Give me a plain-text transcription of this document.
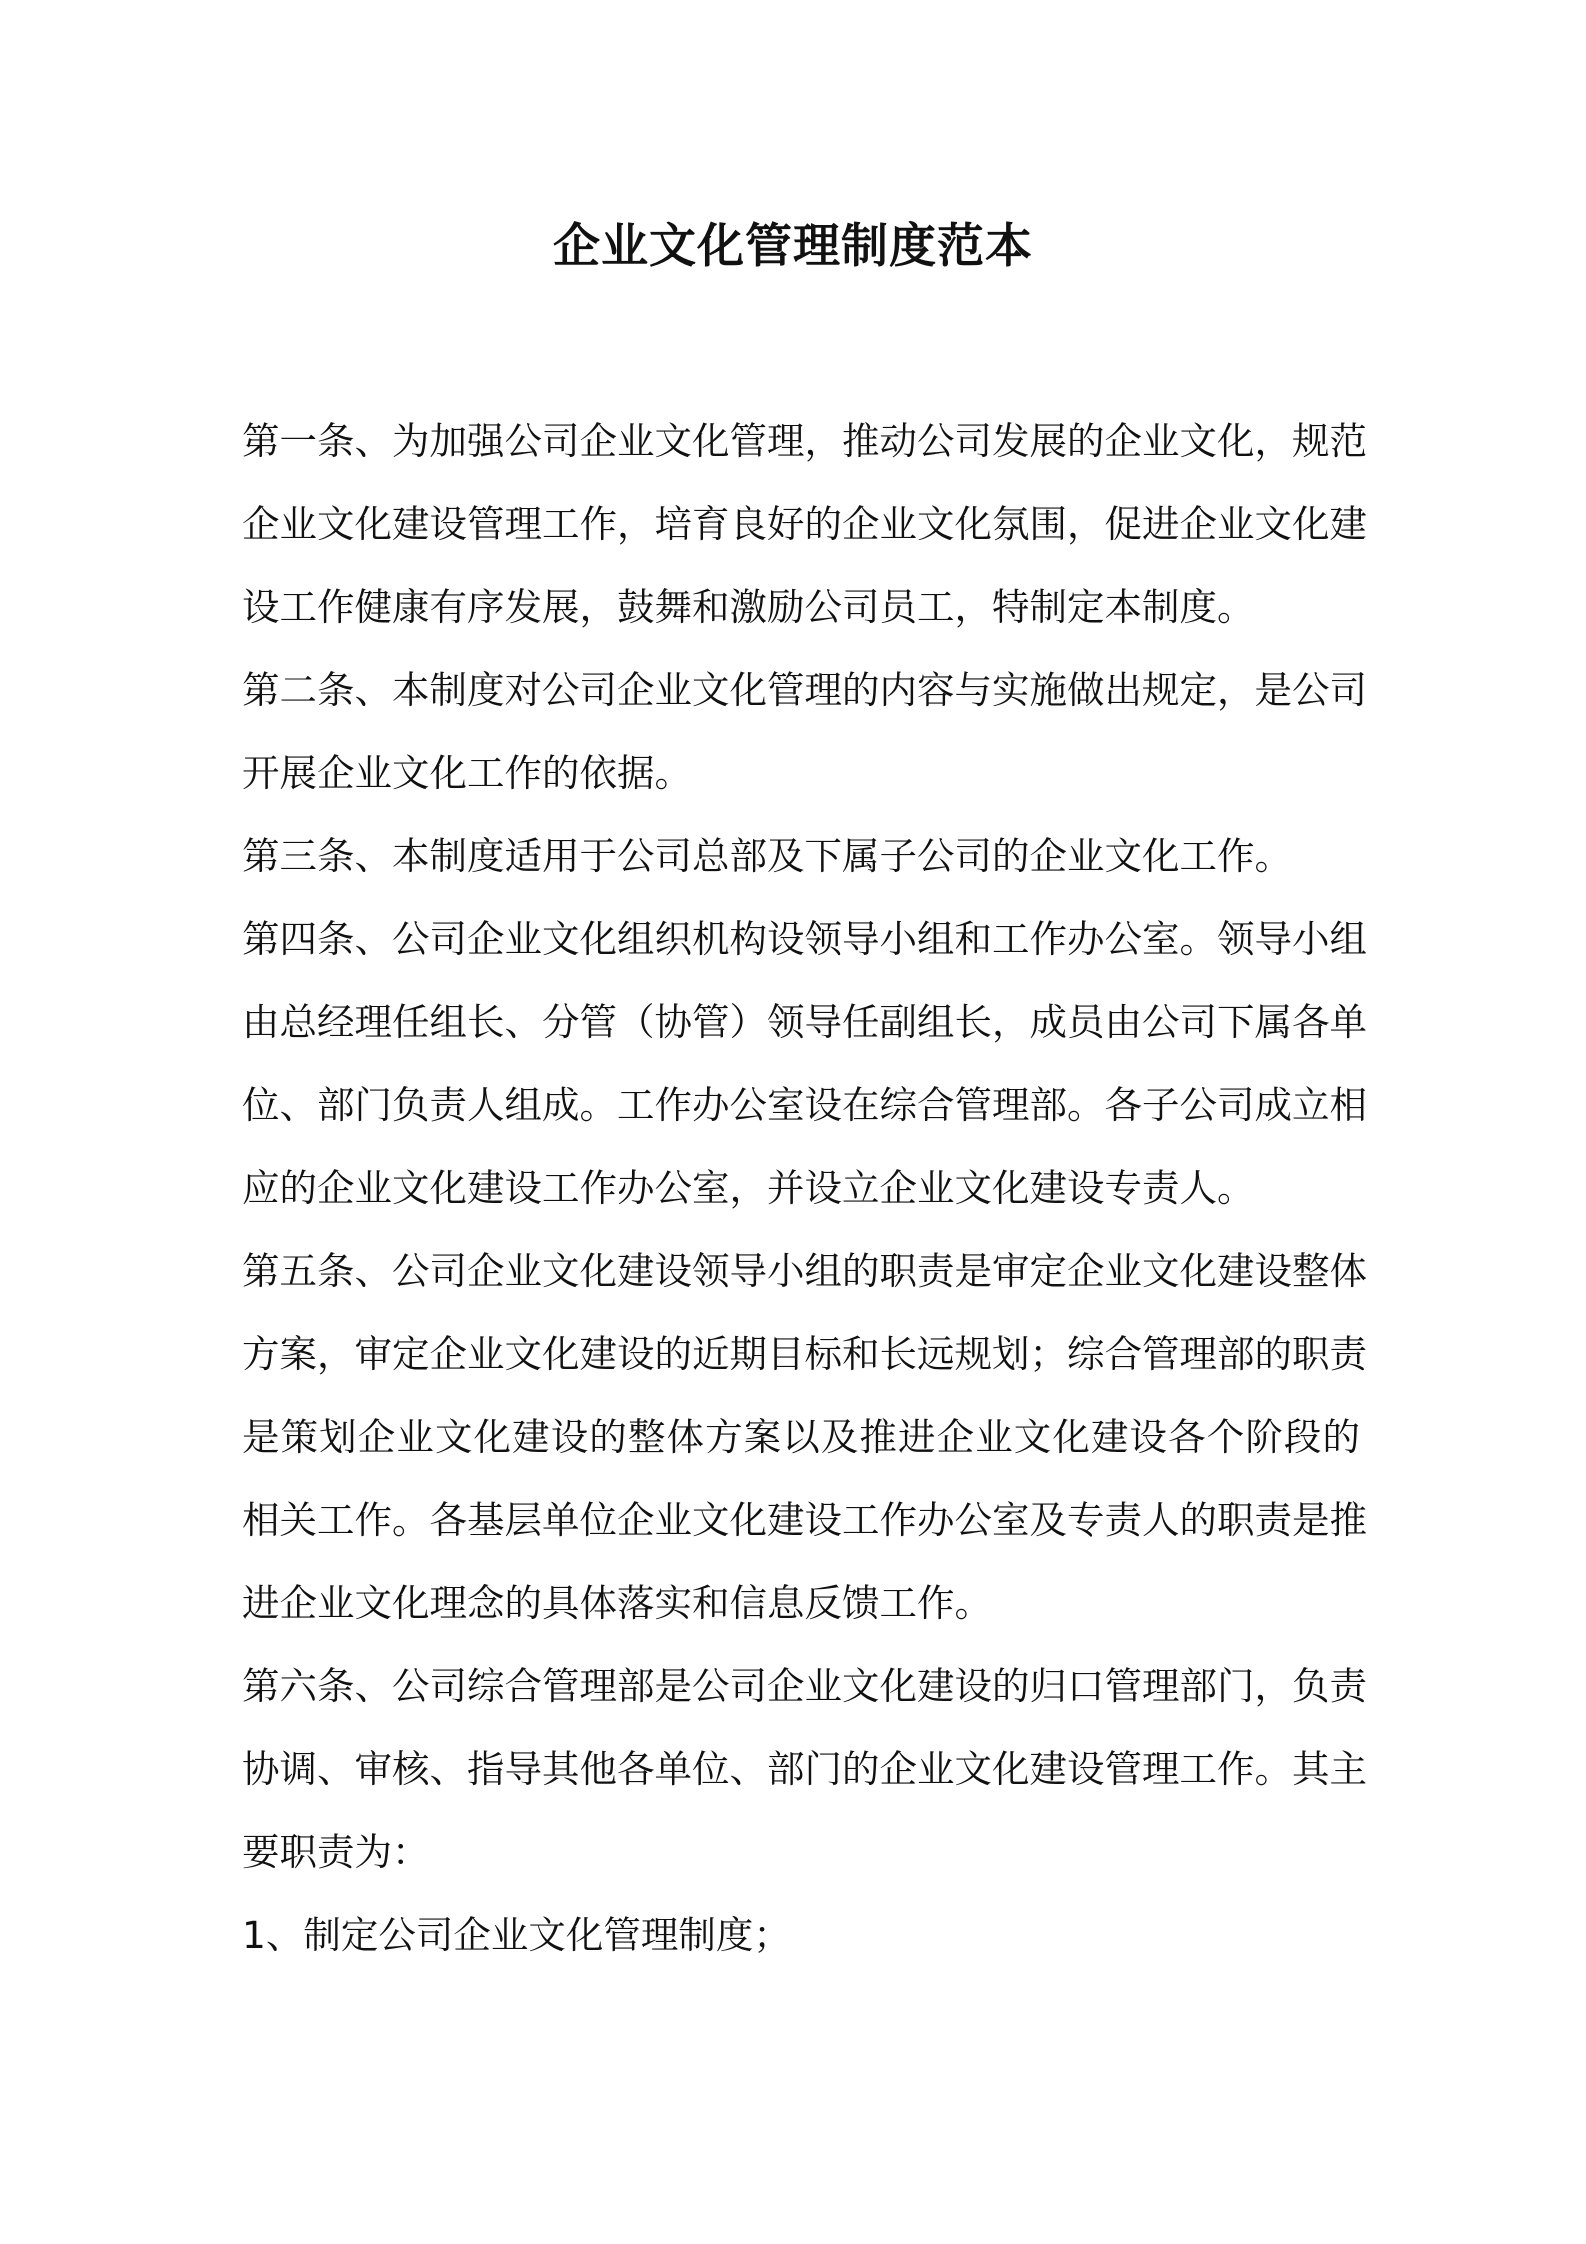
企业文化管理制度范本
第一条、为加强公司企业文化管理，推动公司发展的企业文化，规范
企业文化建设管理工作，培育良好的企业文化氛围，促进企业文化建
设工作健康有序发展，鼓舞和激励公司员工，特制定本制度。
第二条、本制度对公司企业文化管理的内容与实施做出规定，是公司
开展企业文化工作的依据。
第三条、本制度适用于公司总部及下属子公司的企业文化工作。
第四条、公司企业文化组织机构设领导小组和工作办公室。领导小组
由总经理任组长、分管（协管）领导任副组长，成员由公司下属各单
位、部门负责人组成。工作办公室设在综合管理部。各子公司成立相
应的企业文化建设工作办公室，并设立企业文化建设专责人。
第五条、公司企业文化建设领导小组的职责是审定企业文化建设整体
方案，审定企业文化建设的近期目标和长远规划；综合管理部的职责
是策划企业文化建设的整体方案以及推进企业文化建设各个阶段的
相关工作。各基层单位企业文化建设工作办公室及专责人的职责是推
进企业文化理念的具体落实和信息反馈工作。
第六条、公司综合管理部是公司企业文化建设的归口管理部门，负责
协调、审核、指导其他各单位、部门的企业文化建设管理工作。其主
要职责为：
1、制定公司企业文化管理制度；
